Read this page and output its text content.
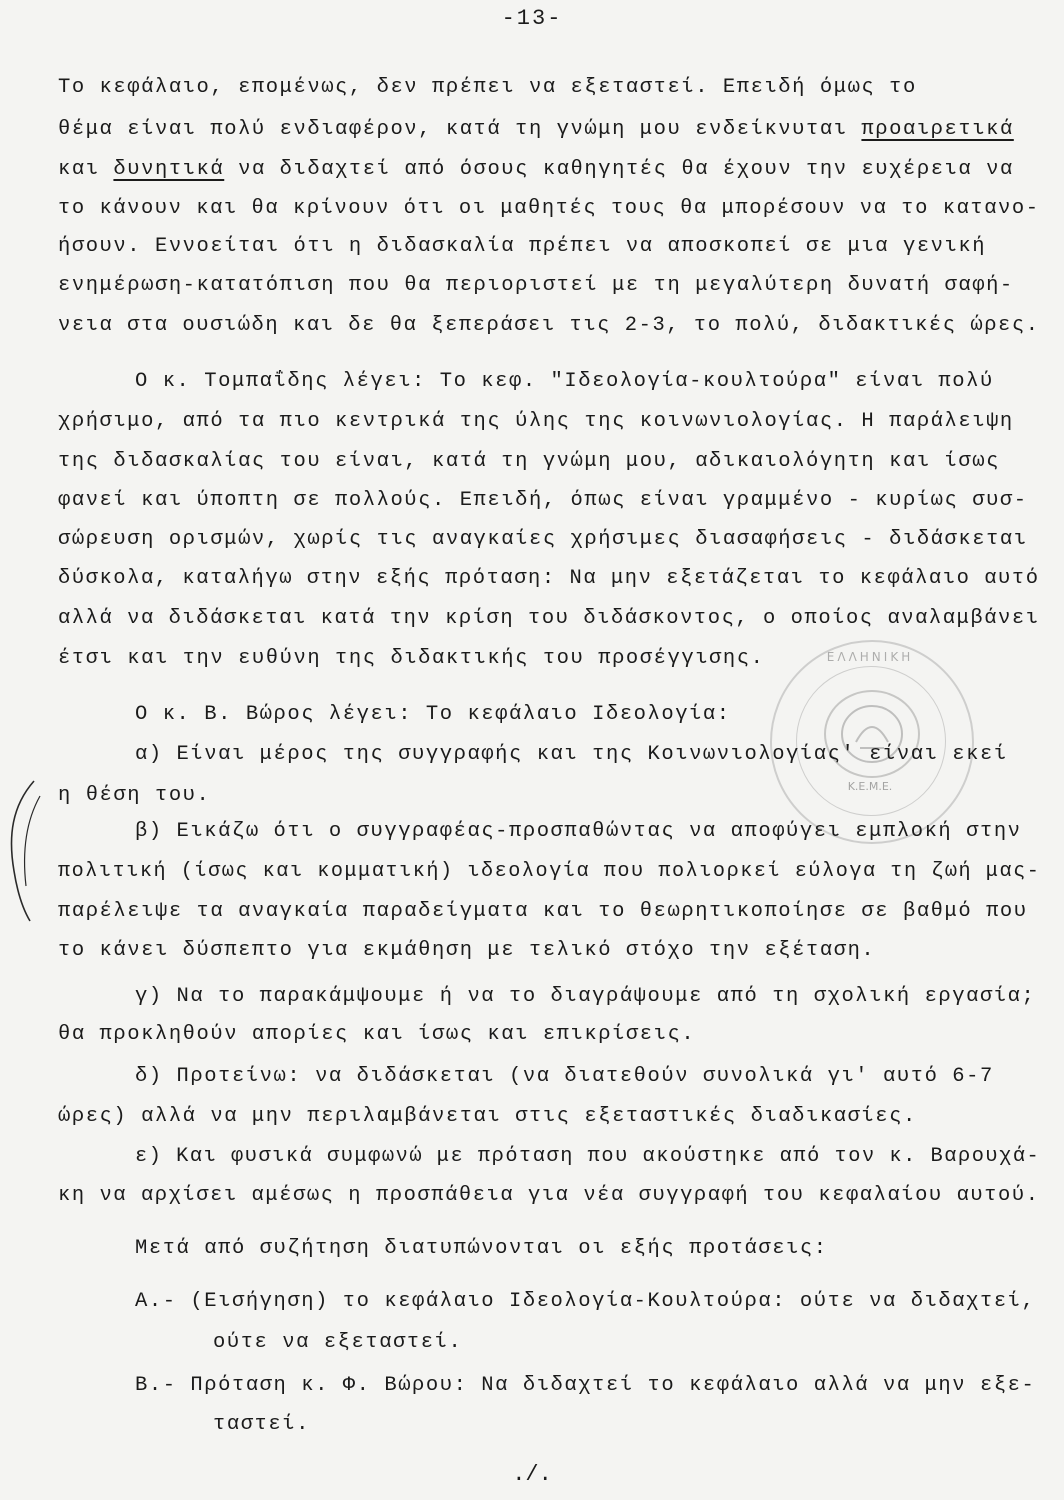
-13-
ΕΛΛΗΝΙΚΗ
Κ.Ε.Μ.Ε.
Το κεφάλαιο, επομένως, δεν πρέπει να εξεταστεί. Επειδή όμως το
θέμα είναι πολύ ενδιαφέρον, κατά τη γνώμη μου ενδείκνυται προαιρετικά
και δυνητικά να διδαχτεί από όσους καθηγητές θα έχουν την ευχέρεια να
το κάνουν και θα κρίνουν ότι οι μαθητές τους θα μπορέσουν να το κατανο-
ήσουν. Εννοείται ότι η διδασκαλία πρέπει να αποσκοπεί σε μια γενική
ενημέρωση-κατατόπιση που θα περιοριστεί με τη μεγαλύτερη δυνατή σαφή-
νεια στα ουσιώδη και δε θα ξεπεράσει τις 2-3, το πολύ, διδακτικές ώρες.
Ο κ. Τομπαΐδης λέγει: Το κεφ. "Ιδεολογία-κουλτούρα" είναι πολύ
χρήσιμο, από τα πιο κεντρικά της ύλης της κοινωνιολογίας. Η παράλειψη
της διδασκαλίας του είναι, κατά τη γνώμη μου, αδικαιολόγητη και ίσως
φανεί και ύποπτη σε πολλούς. Επειδή, όπως είναι γραμμένο - κυρίως συσ-
σώρευση ορισμών, χωρίς τις αναγκαίες χρήσιμες διασαφήσεις - διδάσκεται
δύσκολα, καταλήγω στην εξής πρόταση: Να μην εξετάζεται το κεφάλαιο αυτό
αλλά να διδάσκεται κατά την κρίση του διδάσκοντος, ο οποίος αναλαμβάνει
έτσι και την ευθύνη της διδακτικής του προσέγγισης.
Ο κ. Β. Βώρος λέγει: Το κεφάλαιο Ιδεολογία:
α) Είναι μέρος της συγγραφής και της Κοινωνιολογίας' είναι εκεί
η θέση του.
β) Εικάζω ότι ο συγγραφέας-προσπαθώντας να αποφύγει εμπλοκή στην
πολιτική (ίσως και κομματική) ιδεολογία που πολιορκεί εύλογα τη ζωή μας-
παρέλειψε τα αναγκαία παραδείγματα και το θεωρητικοποίησε σε βαθμό που
το κάνει δύσπεπτο για εκμάθηση με τελικό στόχο την εξέταση.
γ) Να το παρακάμψουμε ή να το διαγράψουμε από τη σχολική εργασία;
θα προκληθούν απορίες και ίσως και επικρίσεις.
δ) Προτείνω: να διδάσκεται (να διατεθούν συνολικά γι' αυτό 6-7
ώρες) αλλά να μην περιλαμβάνεται στις εξεταστικές διαδικασίες.
ε) Και φυσικά συμφωνώ με πρόταση που ακούστηκε από τον κ. Βαρουχά-
κη να αρχίσει αμέσως η προσπάθεια για νέα συγγραφή του κεφαλαίου αυτού.
Μετά από συζήτηση διατυπώνονται οι εξής προτάσεις:
Α.- (Εισήγηση) το κεφάλαιο Ιδεολογία-Κουλτούρα: ούτε να διδαχτεί,
ούτε να εξεταστεί.
Β.- Πρόταση κ. Φ. Βώρου: Να διδαχτεί το κεφάλαιο αλλά να μην εξε-
ταστεί.
./.
